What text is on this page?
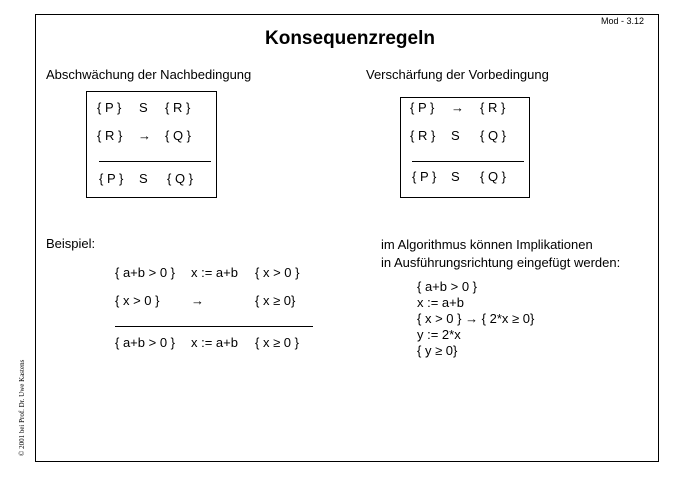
Mod - 3.12
Konsequenzregeln
Abschwächung der Nachbedingung
{ P } S { R }
{ R } → { Q }
{ P } S { Q }
Verschärfung der Vorbedingung
{ P } → { R }
{ R } S { Q }
{ P } S { Q }
Beispiel:
{ a+b > 0 } x := a+b { x > 0 }
{ x > 0 } →	{ x ≥ 0}
{ a+b > 0 } x := a+b { x ≥ 0 }
im Algorithmus können Implikationen
in Ausführungsrichtung eingefügt werden:
{ a+b > 0 }
x := a+b
{ x > 0 } → { 2*x ≥ 0}
y := 2*x
{ y ≥ 0}
© 2001 bei Prof. Dr. Uwe Kastens
